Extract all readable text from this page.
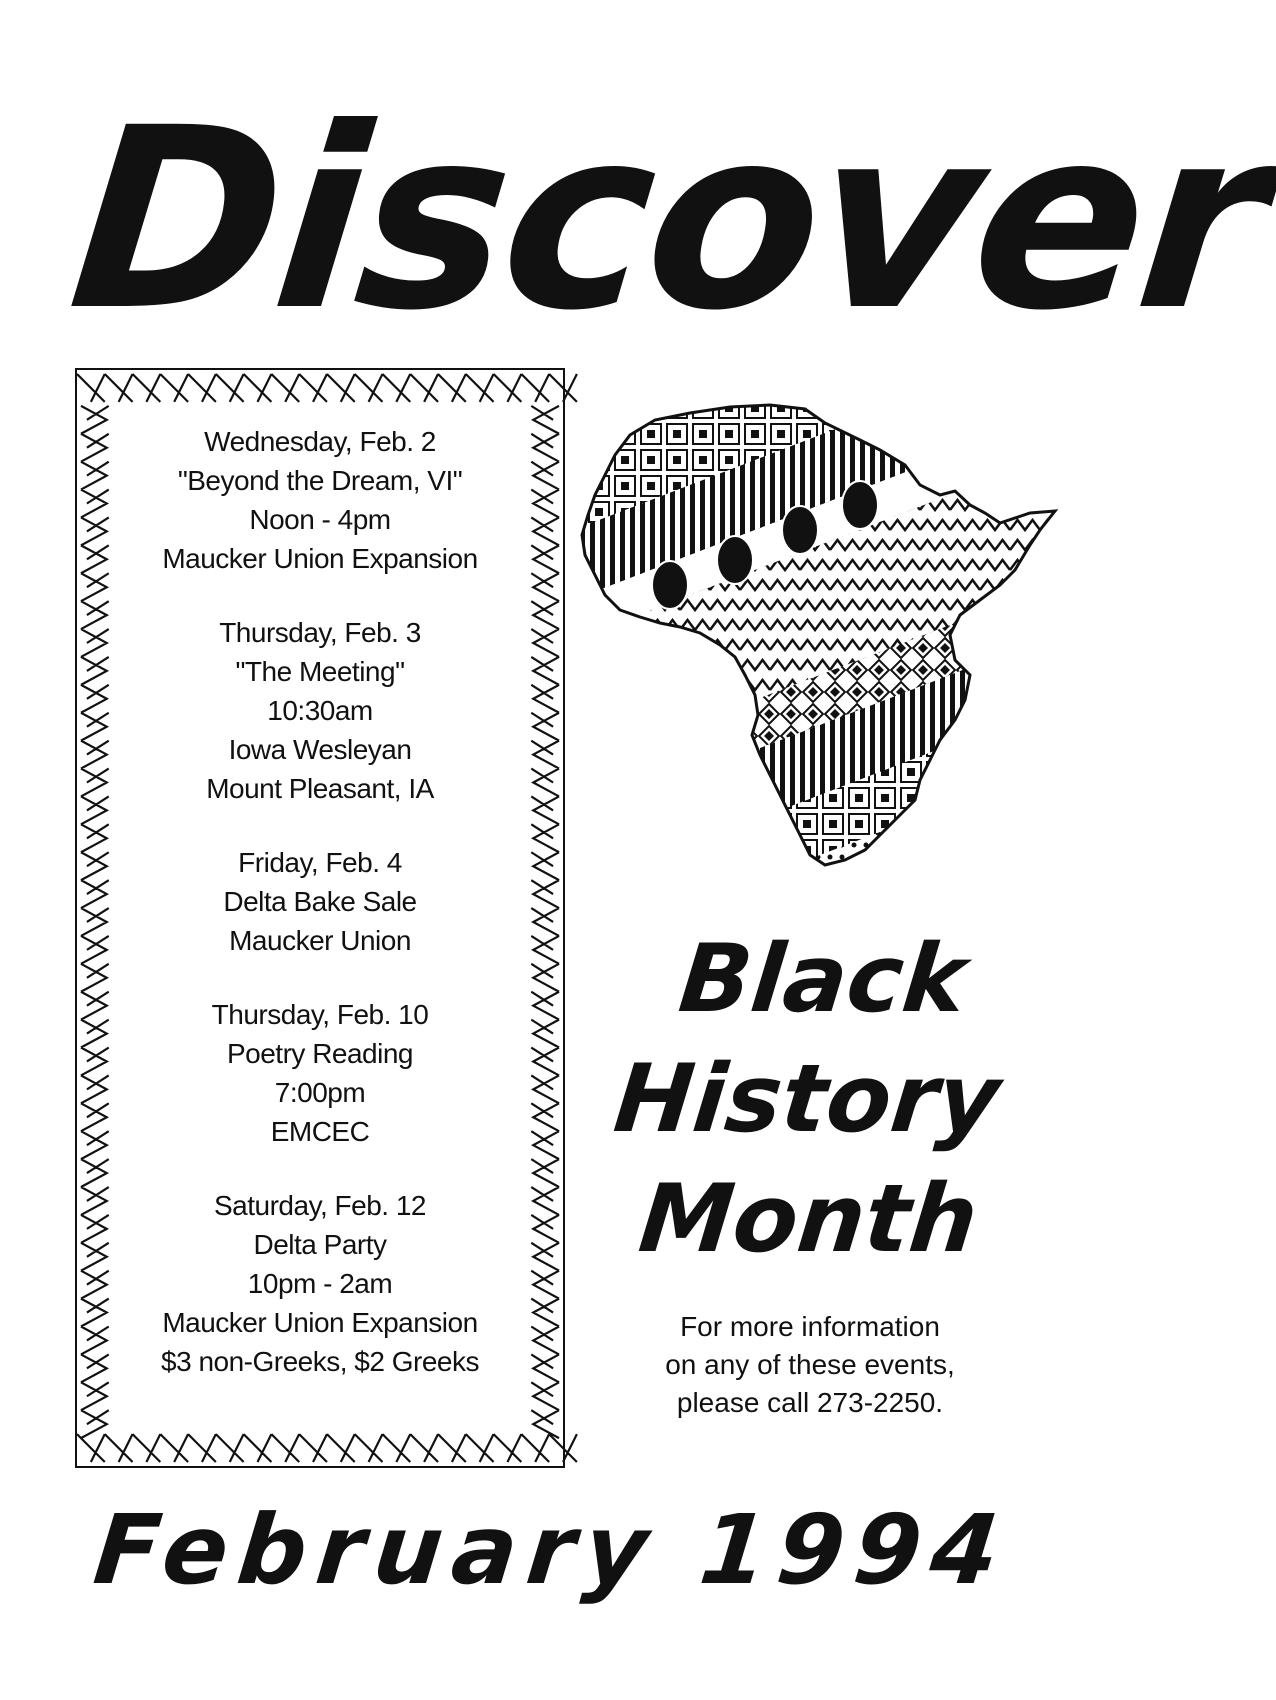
Discover
Wednesday, Feb. 2
"Beyond the Dream, VI"
Noon - 4pm
Maucker Union Expansion
Thursday, Feb. 3
"The Meeting"
10:30am
Iowa Wesleyan
Mount Pleasant, IA
Friday, Feb. 4
Delta Bake Sale
Maucker Union
Thursday, Feb. 10
Poetry Reading
7:00pm
EMCEC
Saturday, Feb. 12
Delta Party
10pm - 2am
Maucker Union Expansion
$3 non-Greeks, $2 Greeks
Black
History
Month
For more information
on any of these events,
please call 273-2250.
February 1994
